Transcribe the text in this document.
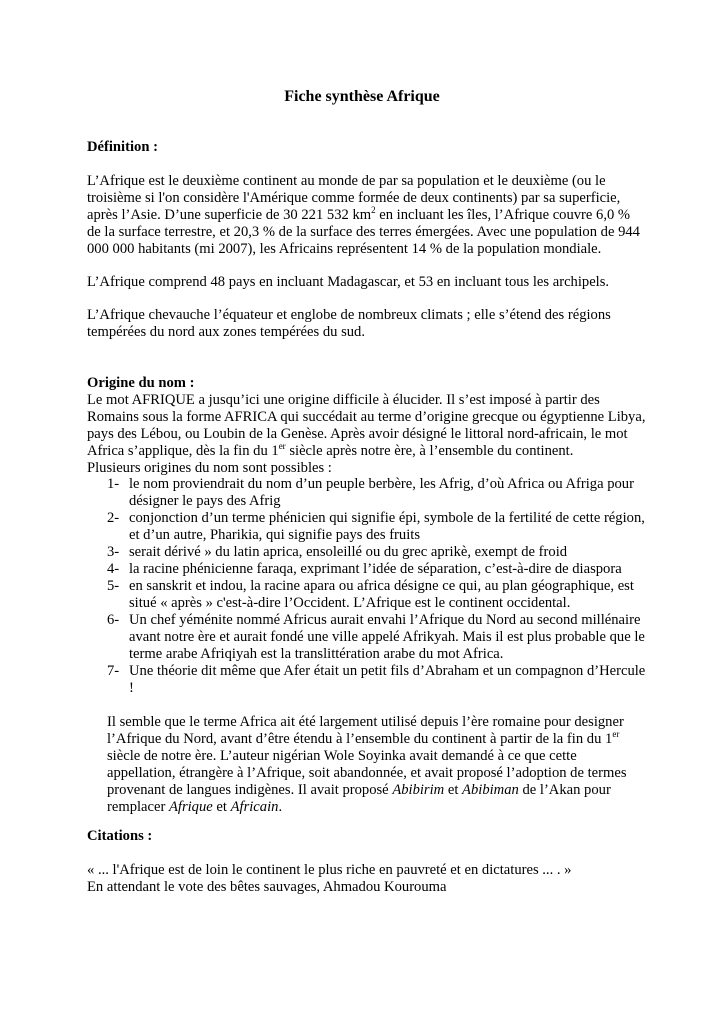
Fiche synthèse Afrique
Définition :

L’Afrique est le deuxième continent au monde de par sa population et le deuxième (ou le troisième si l'on considère l'Amérique comme formée de deux continents) par sa superficie, après l’Asie. D’une superficie de 30 221 532 $km^2$ en incluant les îles, l’Afrique couvre 6,0 % de la surface terrestre, et 20,3 % de la surface des terres émergées. Avec une population de 944 000 000 habitants (mi 2007), les Africains représentent 14 % de la population mondiale.

L’Afrique comprend 48 pays en incluant Madagascar, et 53 en incluant tous les archipels.

L’Afrique chevauche l’équateur et englobe de nombreux climats ; elle s’étend des régions tempérées du nord aux zones tempérées du sud.

Origine du nom :

Le mot AFRIQUE a jusqu’ici une origine difficile à élucider. Il s’est imposé à partir des Romains sous la forme AFRICA qui succédait au terme d’origine grecque ou égyptienne Libya, pays des Lébou, ou Loubin de la Genèse. Après avoir désigné le littoral nord-africain, le mot Africa s’applique, dès la fin du 1er siècle après notre ère, à l’ensemble du continent.
Plusieurs origines du nom sont possibles :

1- le nom proviendrait du nom d’un peuple berbère, les Afrig, d’où Africa ou Afriga pour désigner le pays des Afrig
2- conjonction d’un terme phénicien qui signifie épi, symbole de la fertilité de cette région, et d’un autre, Pharikia, qui signifie pays des fruits
3- serait dérivé » du latin aprica, ensoleillé ou du grec aprikè, exempt de froid
4- la racine phénicienne faraqa, exprimant l’idée de séparation, c’est-à-dire de diaspora
5- en sanskrit et indou, la racine apara ou africa désigne ce qui, au plan géographique, est situé « après » c'est-à-dire l’Occident. L’Afrique est le continent occidental.
6- Un chef yéménite nommé Africus aurait envahi l’Afrique du Nord au second millénaire avant notre ère et aurait fondé une ville appelé Afrikyah. Mais il est plus probable que le terme arabe Afriqiyah est la translittération arabe du mot Africa.
7- Une théorie dit même que Afer était un petit fils d’Abraham et un compagnon d’Hercule !

Il semble que le terme Africa ait été largement utilisé depuis l’ère romaine pour designer l’Afrique du Nord, avant d’être étendu à l’ensemble du continent à partir de la fin du 1er siècle de notre ère. L’auteur nigérian Wole Soyinka avait demandé à ce que cette appellation, étrangère à l’Afrique, soit abandonnée, et avait proposé l’adoption de termes provenant de langues indigènes. Il avait proposé Abibirim et Abibiman de l’Akan pour remplacer Afrique et Africain.

Citations :

« ... l'Afrique est de loin le continent le plus riche en pauvreté et en dictatures ... . »
En attendant le vote des bêtes sauvages, Ahmadou Kourouma
